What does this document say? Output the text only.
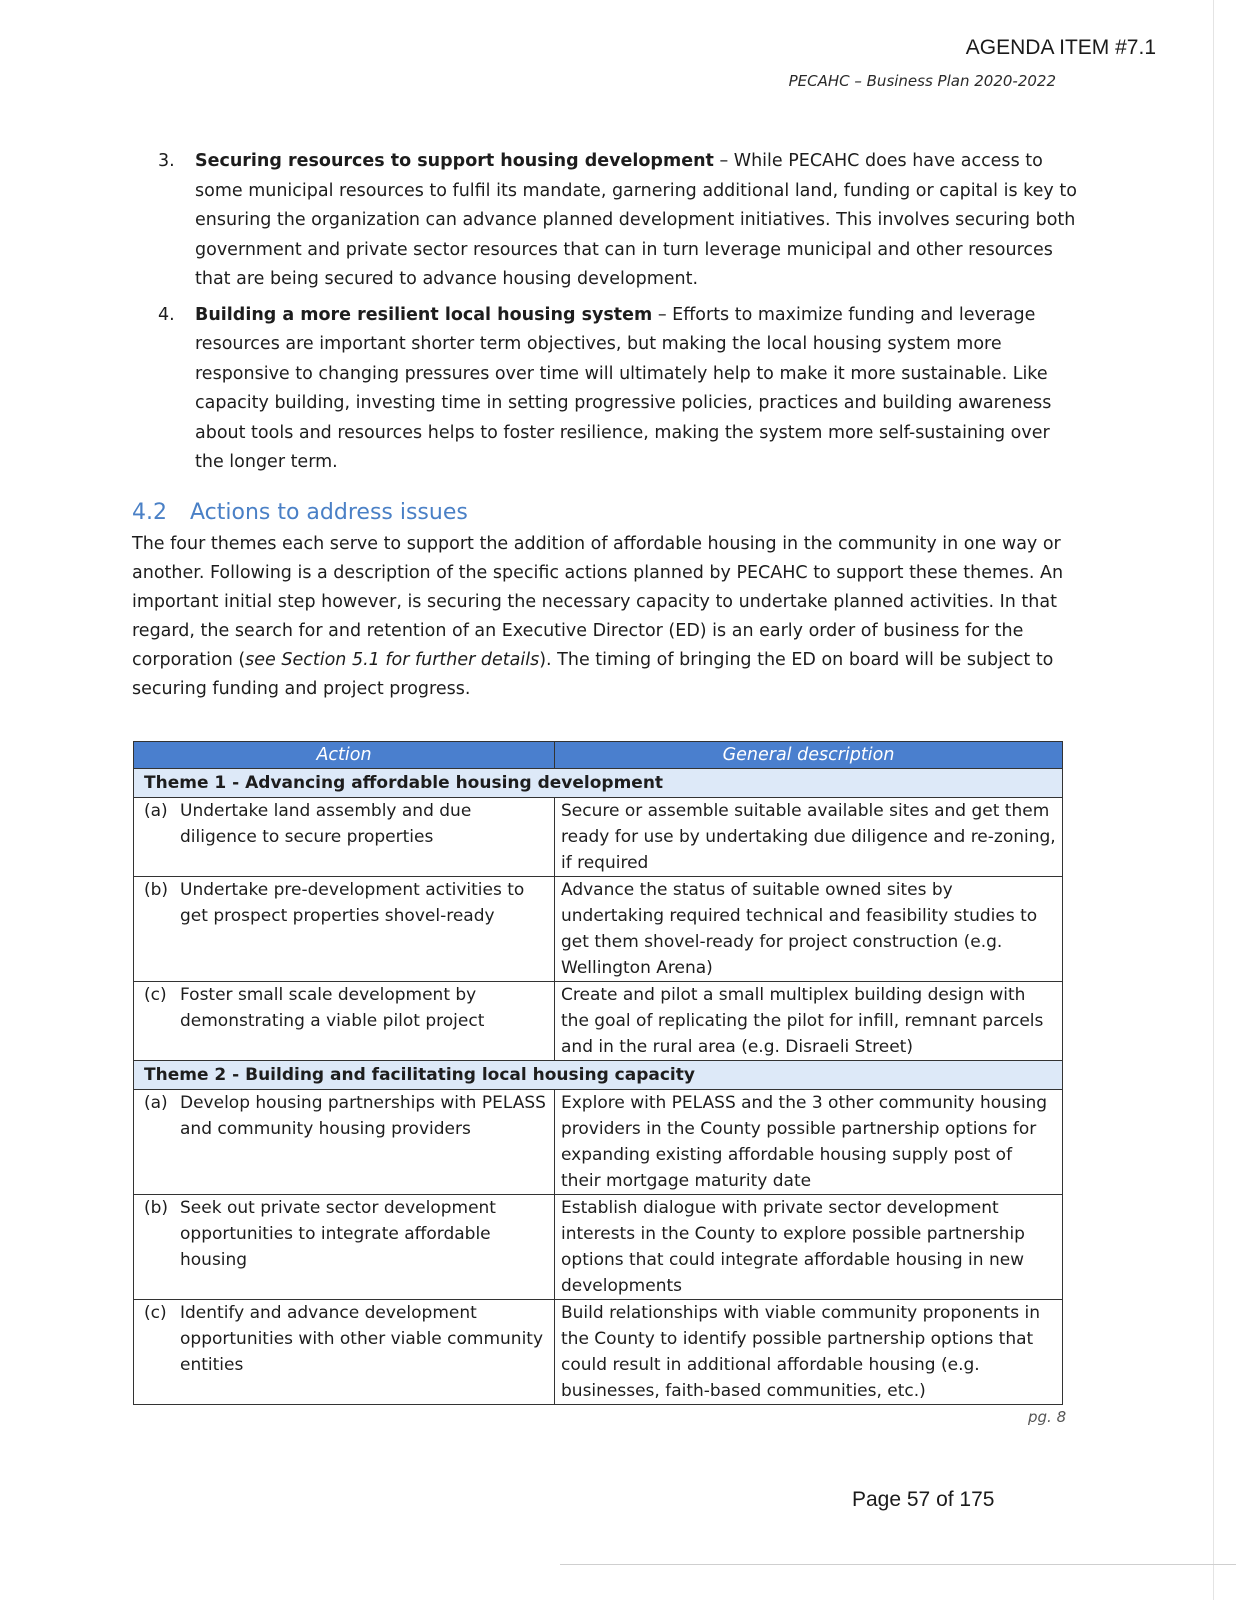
AGENDA ITEM #7.1
PECAHC – Business Plan 2020-2022
3.	Securing resources to support housing development – While PECAHC does have access to some municipal resources to fulfil its mandate, garnering additional land, funding or capital is key to ensuring the organization can advance planned development initiatives. This involves securing both government and private sector resources that can in turn leverage municipal and other resources that are being secured to advance housing development.
4.	Building a more resilient local housing system – Efforts to maximize funding and leverage resources are important shorter term objectives, but making the local housing system more responsive to changing pressures over time will ultimately help to make it more sustainable. Like capacity building, investing time in setting progressive policies, practices and building awareness about tools and resources helps to foster resilience, making the system more self-sustaining over the longer term.
4.2 Actions to address issues
The four themes each serve to support the addition of affordable housing in the community in one way or another. Following is a description of the specific actions planned by PECAHC to support these themes. An important initial step however, is securing the necessary capacity to undertake planned activities. In that regard, the search for and retention of an Executive Director (ED) is an early order of business for the corporation (see Section 5.1 for further details). The timing of bringing the ED on board will be subject to securing funding and project progress.
Action	General description
Theme 1 - Advancing affordable housing development	

(a) Undertake land assembly and due diligence to secure properties	Secure or assemble suitable available sites and get them ready for use by undertaking due diligence and re-zoning, if required

(b) Undertake pre-development activities to get prospect properties shovel-ready	Advance the status of suitable owned sites by undertaking required technical and feasibility studies to get them shovel-ready for project construction (e.g. Wellington Arena)

(c) Foster small scale development by demonstrating a viable pilot project	Create and pilot a small multiplex building design with the goal of replicating the pilot for infill, remnant parcels and in the rural area (e.g. Disraeli Street)
Theme 2 - Building and facilitating local housing capacity	

(a) Develop housing partnerships with PELASS and community housing providers	Explore with PELASS and the 3 other community housing providers in the County possible partnership options for expanding existing affordable housing supply post of their mortgage maturity date

(b) Seek out private sector development opportunities to integrate affordable housing	Establish dialogue with private sector development interests in the County to explore possible partnership options that could integrate affordable housing in new developments

(c) Identify and advance development opportunities with other viable community entities	Build relationships with viable community proponents in the County to identify possible partnership options that could result in additional affordable housing (e.g. businesses, faith-based communities, etc.)
pg. 8
Page 57 of 175
